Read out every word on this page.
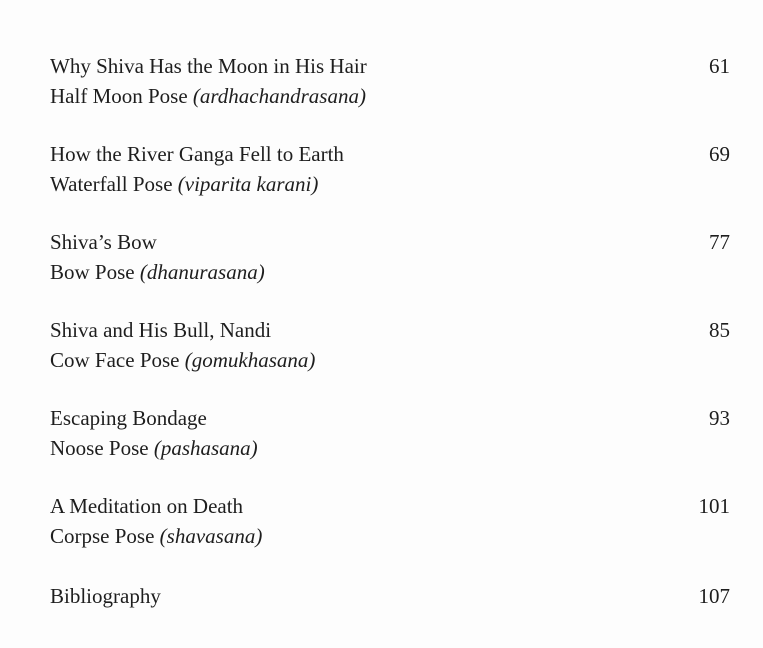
Why Shiva Has the Moon in His Hair
Half Moon Pose (ardhachandrasana)
61
How the River Ganga Fell to Earth
Waterfall Pose (viparita karani)
69
Shiva’s Bow
Bow Pose (dhanurasana)
77
Shiva and His Bull, Nandi
Cow Face Pose (gomukhasana)
85
Escaping Bondage
Noose Pose (pashasana)
93
A Meditation on Death
Corpse Pose (shavasana)
101
Bibliography	107
